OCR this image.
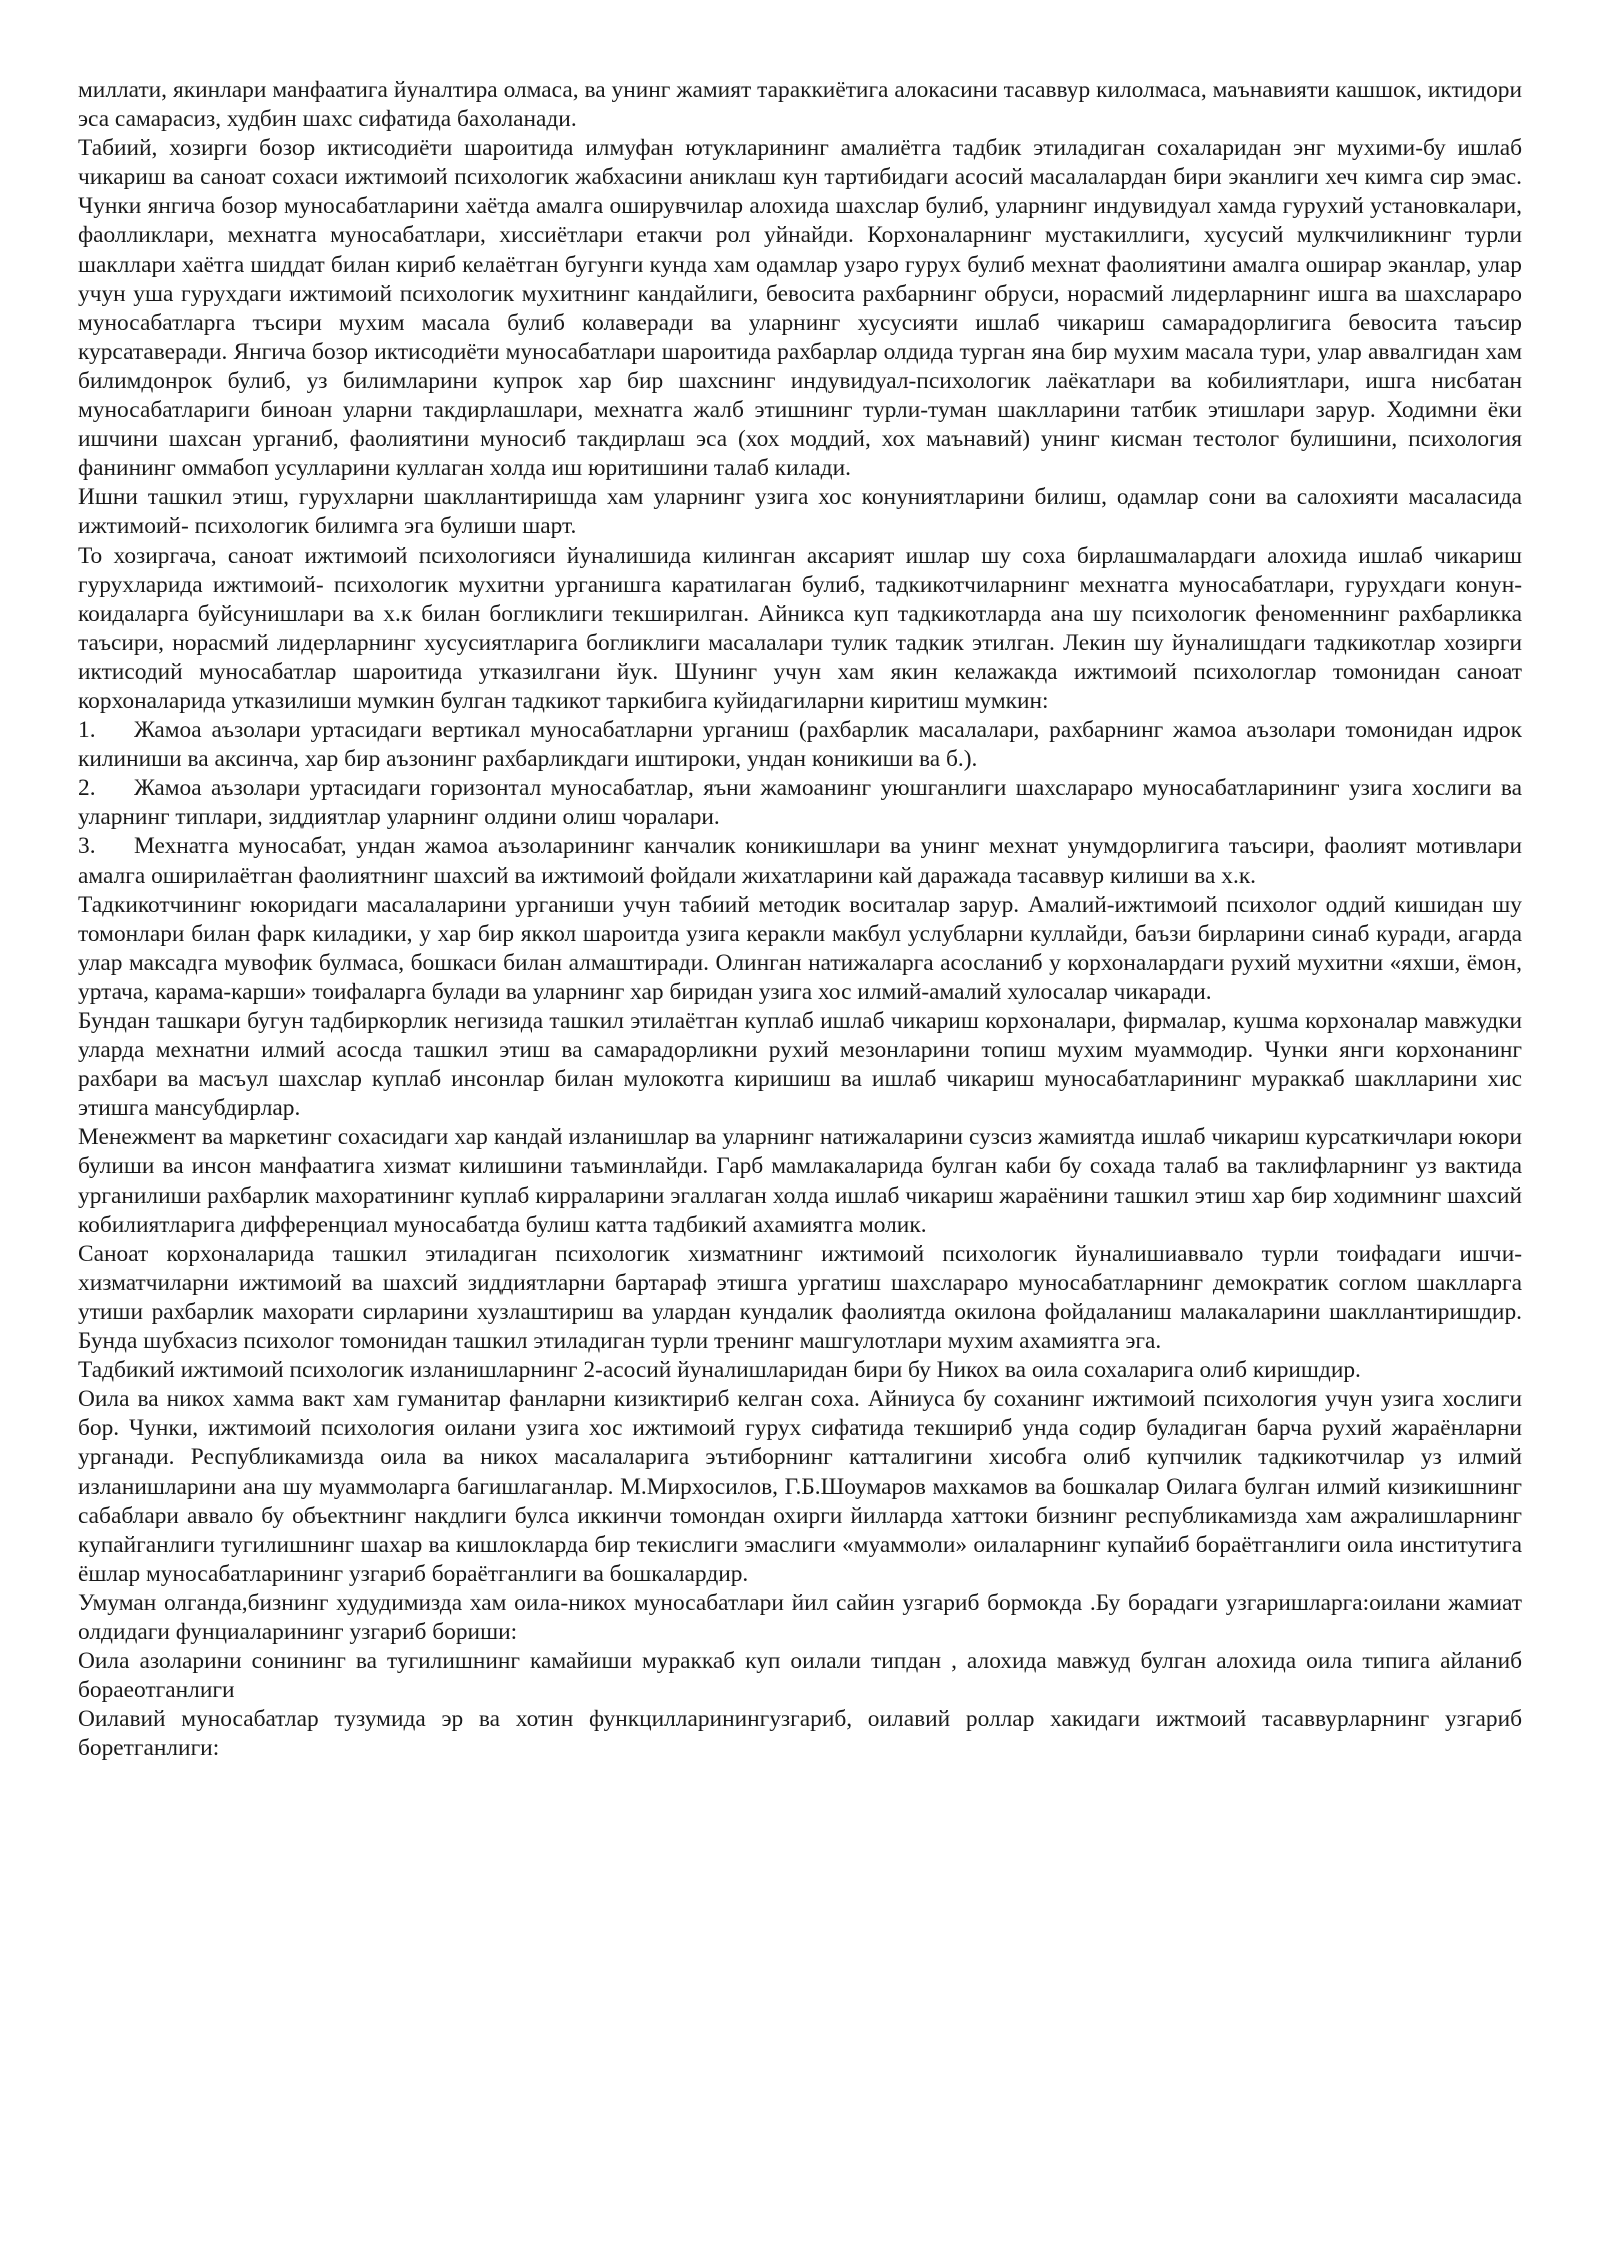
миллати, якинлари манфаатига йуналтира олмаса, ва унинг жамият тараккиётига алокасини тасаввур килолмаса, маънавияти кашшок, иктидори эса самарасиз, худбин шахс сифатида бахоланади.

Табиий, хозирги бозор иктисодиёти шароитида илмуфан ютукларининг амалиётга тадбик этиладиган сохаларидан энг мухими-бу ишлаб чикариш ва саноат сохаси ижтимоий психологик жабхасини аниклаш кун тартибидаги асосий масалалардан бири эканлиги хеч кимга сир эмас. Чунки янгича бозор муносабатларини хаётда амалга оширувчилар алохида шахслар булиб, уларнинг индувидуал хамда гурухий установкалари, фаолликлари, мехнатга муносабатлари, хиссиётлари етакчи рол уйнайди. Корхоналарнинг мустакиллиги, хусусий мулкчиликнинг турли шакллари хаётга шиддат билан кириб келаётган бугунги кунда хам одамлар узаро гурух булиб мехнат фаолиятини амалга оширар эканлар, улар учун уша гурухдаги ижтимоий психологик мухитнинг кандайлиги, бевосита рахбарнинг обруси, норасмий лидерларнинг ишга ва шахслараро муносабатларга тъсири мухим масала булиб колаверади ва уларнинг хусусияти ишлаб чикариш самарадорлигига бевосита таъсир курсатаверади. Янгича бозор иктисодиёти муносабатлари шароитида рахбарлар олдида турган яна бир мухим масала тури, улар аввалгидан хам билимдонрок булиб, уз билимларини купрок хар бир шахснинг индувидуал-психологик лаёкатлари ва кобилиятлари, ишга нисбатан муносабатлариги биноан уларни такдирлашлари, мехнатга жалб этишнинг турли-туман шаклларини татбик этишлари зарур. Ходимни ёки ишчини шахсан урганиб, фаолиятини муносиб такдирлаш эса (хох моддий, хох маънавий) унинг кисман тестолог булишини, психология фанининг оммабоп усулларини куллаган холда иш юритишини талаб килади.

Ишни ташкил этиш, гурухларни шакллантиришда хам уларнинг узига хос конуниятларини билиш, одамлар сони ва салохияти масаласида ижтимоий- психологик билимга эга булиши шарт.

То хозиргача, саноат ижтимоий психологияси йуналишида килинган аксарият ишлар шу соха бирлашмалардаги алохида ишлаб чикариш гурухларида ижтимоий- психологик мухитни урганишга каратилаган булиб, тадкикотчиларнинг мехнатга муносабатлари, гурухдаги конун-коидаларга буйсунишлари ва х.к билан богликлиги текширилган. Айникса куп тадкикотларда ана шу психологик феноменнинг рахбарликка таъсири, норасмий лидерларнинг хусусиятларига богликлиги масалалари тулик тадкик этилган. Лекин шу йуналишдаги тадкикотлар хозирги иктисодий муносабатлар шароитида утказилгани йук. Шунинг учун хам якин келажакда ижтимоий психологлар томонидан саноат корхоналарида утказилиши мумкин булган тадкикот таркибига куйидагиларни киритиш мумкин:

1. Жамоа аъзолари уртасидаги вертикал муносабатларни урганиш (рахбарлик масалалари, рахбарнинг жамоа аъзолари томонидан идрок килиниши ва аксинча, хар бир аъзонинг рахбарликдаги иштироки, ундан коникиши ва б.).

2. Жамоа аъзолари уртасидаги горизонтал муносабатлар, яъни жамоанинг уюшганлиги шахслараро муносабатларининг узига хослиги ва уларнинг типлари, зиддиятлар уларнинг олдини олиш чоралари.

3. Мехнатга муносабат, ундан жамоа аъзоларининг канчалик коникишлари ва унинг мехнат унумдорлигига таъсири, фаолият мотивлари амалга оширилаётган фаолиятнинг шахсий ва ижтимоий фойдали жихатларини кай даражада тасаввур килиши ва х.к.

Тадкикотчининг юкоридаги масалаларини урганиши учун табиий методик воситалар зарур. Амалий-ижтимоий психолог оддий кишидан шу томонлари билан фарк киладики, у хар бир яккол шароитда узига керакли макбул услубларни куллайди, баъзи бирларини синаб куради, агарда улар максадга мувофик булмаса, бошкаси билан алмаштиради. Олинган натижаларга асосланиб у корхоналардаги рухий мухитни «яхши, ёмон, уртача, карама-карши» тоифаларга булади ва уларнинг хар биридан узига хос илмий-амалий хулосалар чикаради.

Бундан ташкари бугун тадбиркорлик негизида ташкил этилаётган куплаб ишлаб чикариш корхоналари, фирмалар, кушма корхоналар мавжудки уларда мехнатни илмий асосда ташкил этиш ва самарадорликни рухий мезонларини топиш мухим муаммодир. Чунки янги корхонанинг рахбари ва масъул шахслар куплаб инсонлар билан мулокотга киришиш ва ишлаб чикариш муносабатларининг мураккаб шаклларини хис этишга мансубдирлар.

Менежмент ва маркетинг сохасидаги хар кандай изланишлар ва уларнинг натижаларини сузсиз жамиятда ишлаб чикариш курсаткичлари юкори булиши ва инсон манфаатига хизмат килишини таъминлайди. Гарб мамлакаларида булган каби бу сохада талаб ва таклифларнинг уз вактида урганилиши рахбарлик махоратининг куплаб кирраларини эгаллаган холда ишлаб чикариш жараёнини ташкил этиш хар бир ходимнинг шахсий кобилиятларига дифференциал муносабатда булиш катта тадбикий ахамиятга молик.

Саноат корхоналарида ташкил этиладиган психологик хизматнинг ижтимоий психологик йуналишиаввало турли тоифадаги ишчи-хизматчиларни ижтимоий ва шахсий зиддиятларни бартараф этишга ургатиш шахслараро муносабатларнинг демократик соглом шаклларга утиши рахбарлик махорати сирларини хузлаштириш ва улардан кундалик фаолиятда окилона фойдаланиш малакаларини шакллантиришдир. Бунда шубхасиз психолог томонидан ташкил этиладиган турли тренинг машгулотлари мухим ахамиятга эга.

Тадбикий ижтимоий психологик изланишларнинг 2-асосий йуналишларидан бири бу Никох ва оила сохаларига олиб киришдир.

Оила ва никох хамма вакт хам гуманитар фанларни кизиктириб келган соха. Айниуса бу соханинг ижтимоий психология учун узига хослиги бор. Чунки, ижтимоий психология оилани узига хос ижтимоий гурух сифатида текшириб унда содир буладиган барча рухий жараёнларни урганади. Республикамизда оила ва никох масалаларига эътиборнинг катталигини хисобга олиб купчилик тадкикотчилар уз илмий изланишларини ана шу муаммоларга багишлаганлар. М.Мирхосилов, Г.Б.Шоумаров махкамов ва бошкалар Оилага булган илмий кизикишнинг сабаблари аввало бу объектнинг накдлиги булса иккинчи томондан охирги йилларда хаттоки бизнинг республикамизда хам ажралишларнинг купайганлиги тугилишнинг шахар ва кишлокларда бир текислиги эмаслиги «муаммоли» оилаларнинг купайиб бораётганлиги оила институтига ёшлар муносабатларининг узгариб бораётганлиги ва бошкалардир.

Умуман олганда,бизнинг худудимизда хам оила-никох муносабатлари йил сайин узгариб бормокда .Бу борадаги узгаришларга:оилани жамиат олдидаги фунциаларининг узгариб бориши:

Оила азоларини сонининг ва тугилишнинг камайиши мураккаб куп оилали типдан , алохида мавжуд булган алохида оила типига айланиб бораеотганлиги

Оилавий муносабатлар тузумида эр ва хотин функцилларинингузгариб, оилавий роллар хакидаги ижтмоий тасаввурларнинг узгариб боретганлиги:
